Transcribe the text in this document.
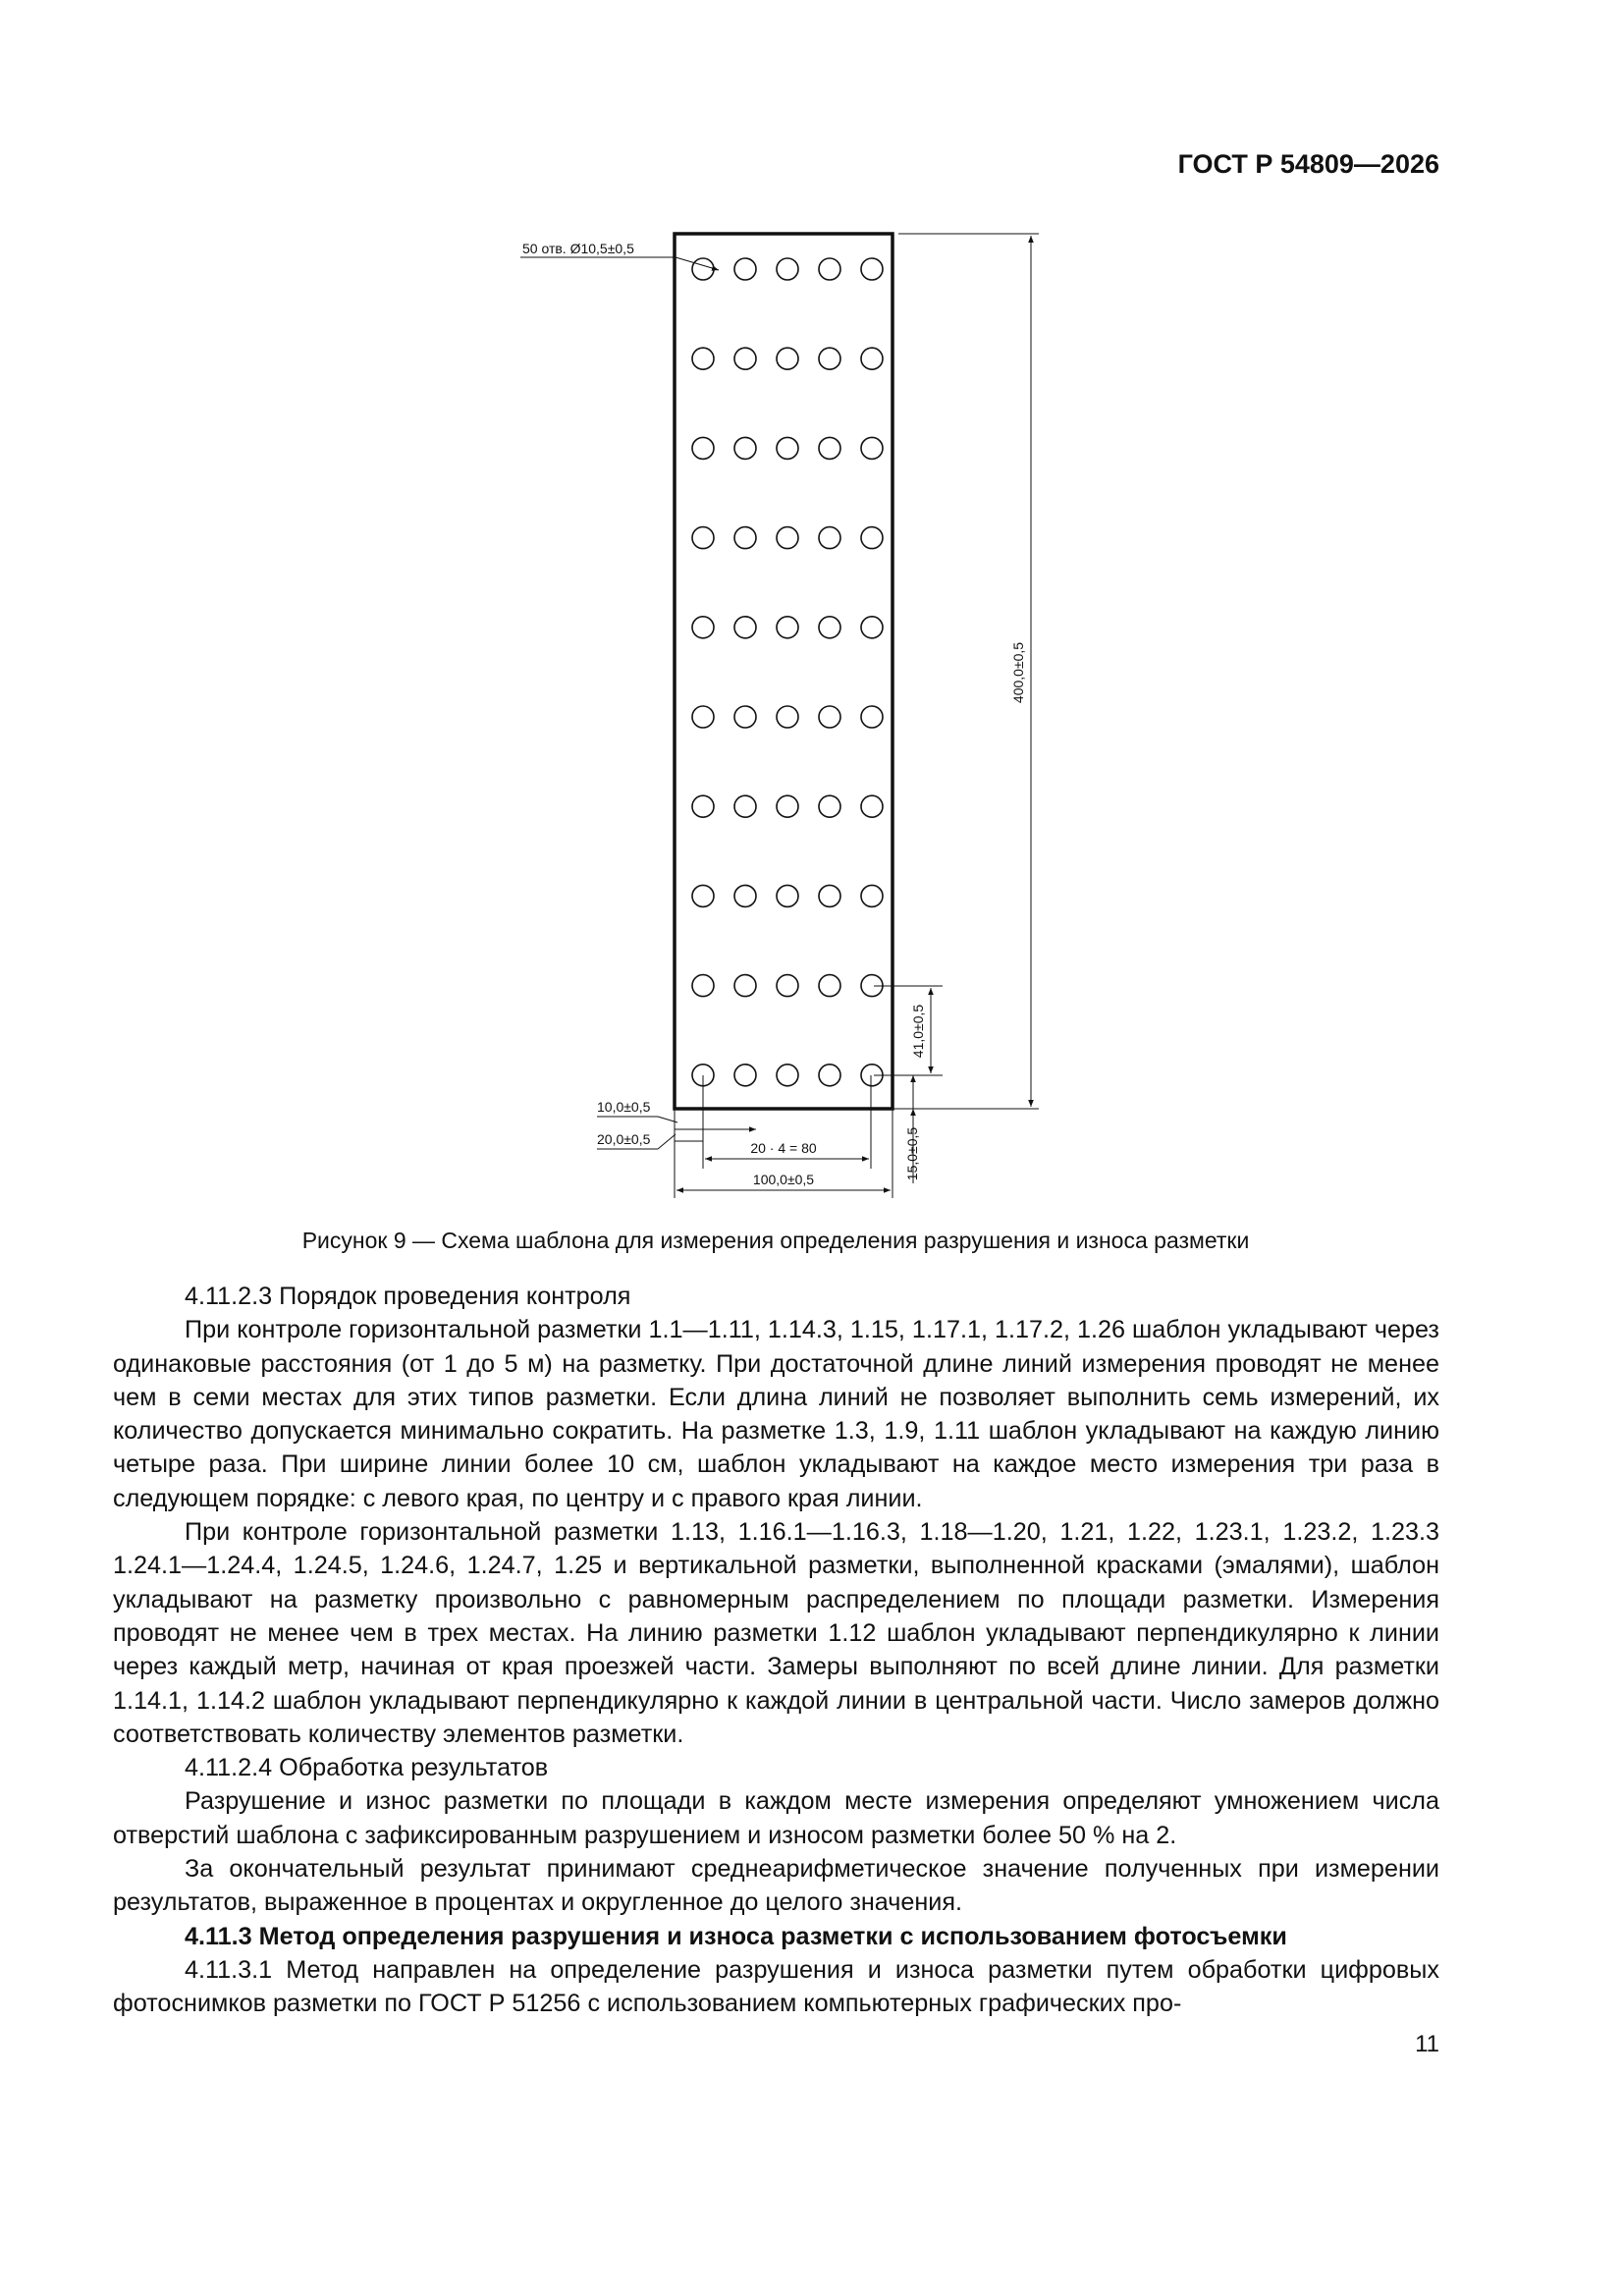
ГОСТ Р 54809—2026
50 отв. Ø10,5±0,5
400,0±0,5
41,0±0,5
15,0±0,5
10,0±0,5
20,0±0,5
20 · 4 = 80
100,0±0,5
Рисунок 9 — Схема шаблона для измерения определения разрушения и износа разметки

4.11.2.3 Порядок проведения контроля

При контроле горизонтальной разметки 1.1—1.11, 1.14.3, 1.15, 1.17.1, 1.17.2, 1.26 шаблон укладывают через одинаковые расстояния (от 1 до 5 м) на разметку. При достаточной длине линий измерения проводят не менее чем в семи местах для этих типов разметки. Если длина линий не позволяет выполнить семь измерений, их количество допускается минимально сократить. На разметке 1.3, 1.9, 1.11 шаблон укладывают на каждую линию четыре раза. При ширине линии более 10 см, шаблон укладывают на каждое место измерения три раза в следующем порядке: с левого края, по центру и с правого края линии.

При контроле горизонтальной разметки 1.13, 1.16.1—1.16.3, 1.18—1.20, 1.21, 1.22, 1.23.1, 1.23.2, 1.23.3 1.24.1—1.24.4, 1.24.5, 1.24.6, 1.24.7, 1.25 и вертикальной разметки, выполненной красками (эмалями), шаблон укладывают на разметку произвольно с равномерным распределением по площади разметки. Измерения проводят не менее чем в трех местах. На линию разметки 1.12 шаблон укладывают перпендикулярно к линии через каждый метр, начиная от края проезжей части. Замеры выполняют по всей длине линии. Для разметки 1.14.1, 1.14.2 шаблон укладывают перпендикулярно к каждой линии в центральной части. Число замеров должно соответствовать количеству элементов разметки.

4.11.2.4 Обработка результатов

Разрушение и износ разметки по площади в каждом месте измерения определяют умножением числа отверстий шаблона с зафиксированным разрушением и износом разметки более 50 % на 2.

За окончательный результат принимают среднеарифметическое значение полученных при измерении результатов, выраженное в процентах и округленное до целого значения.

4.11.3 Метод определения разрушения и износа разметки с использованием фотосъемки

4.11.3.1 Метод направлен на определение разрушения и износа разметки путем обработки цифровых фотоснимков разметки по ГОСТ Р 51256 с использованием компьютерных графических про-

11
